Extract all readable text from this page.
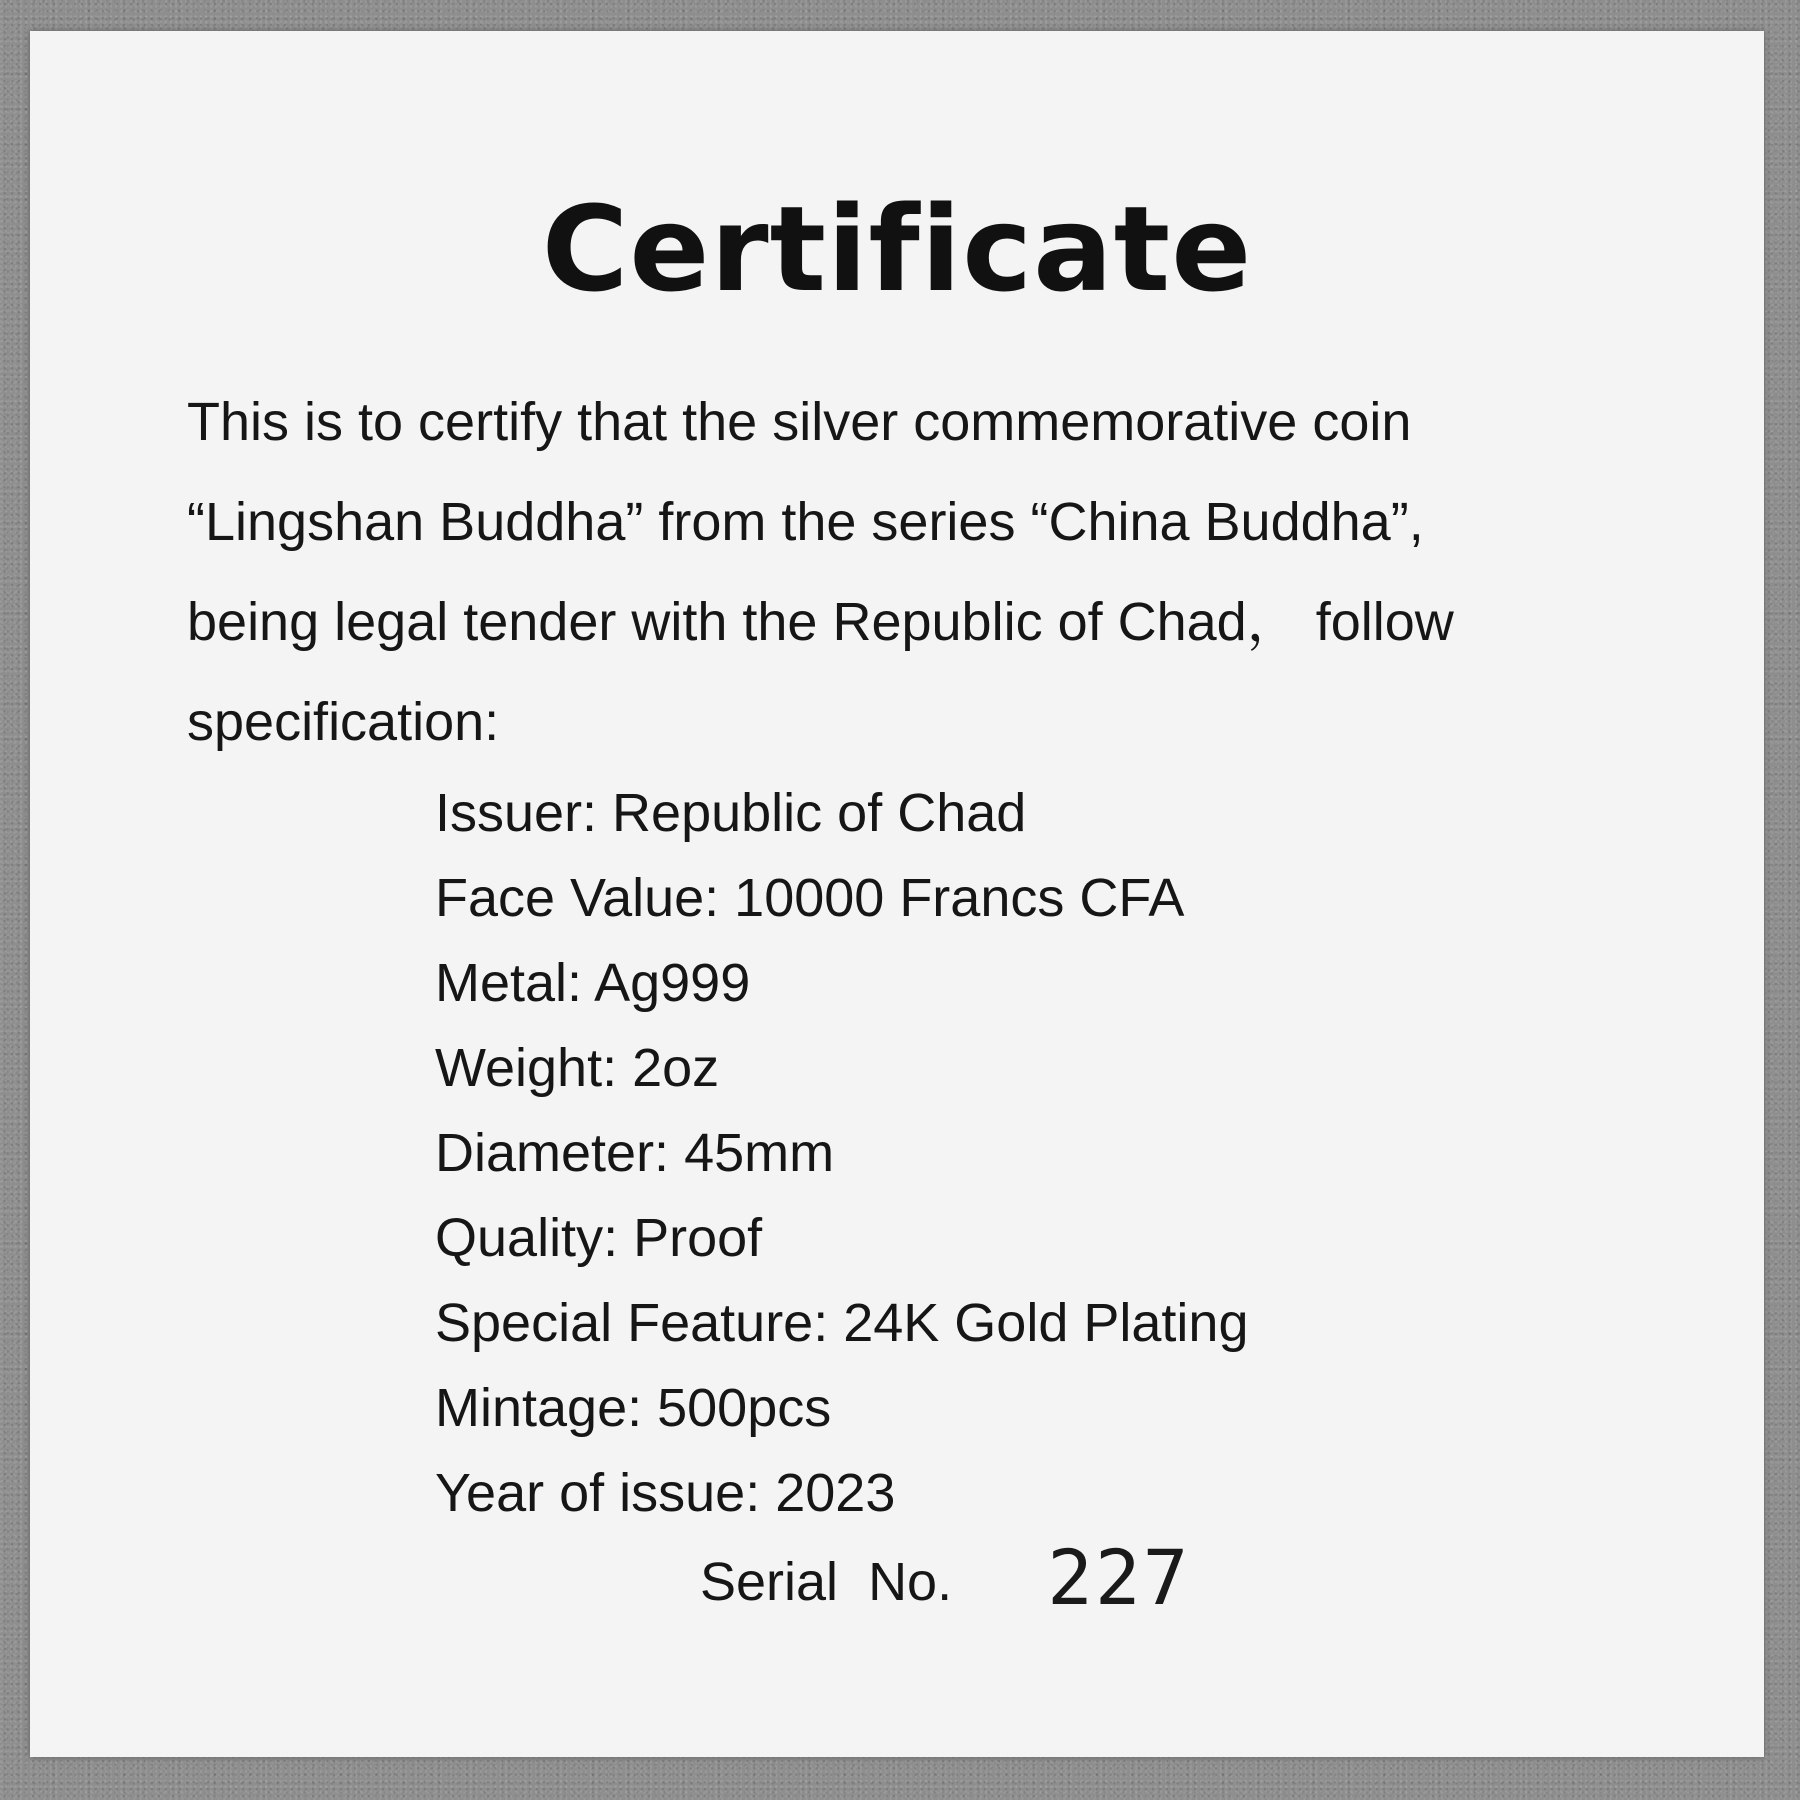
Certificate
This is to certify that the silver commemorative coin
“Lingshan Buddha” from the series “China Buddha”,
being legal tender with the Republic of Chad， follow
specification:
Issuer: Republic of Chad
Face Value: 10000 Francs CFA
Metal: Ag999
Weight: 2oz
Diameter: 45mm
Quality: Proof
Special Feature: 24K Gold Plating
Mintage: 500pcs
Year of issue: 2023
Serial  No. 227
